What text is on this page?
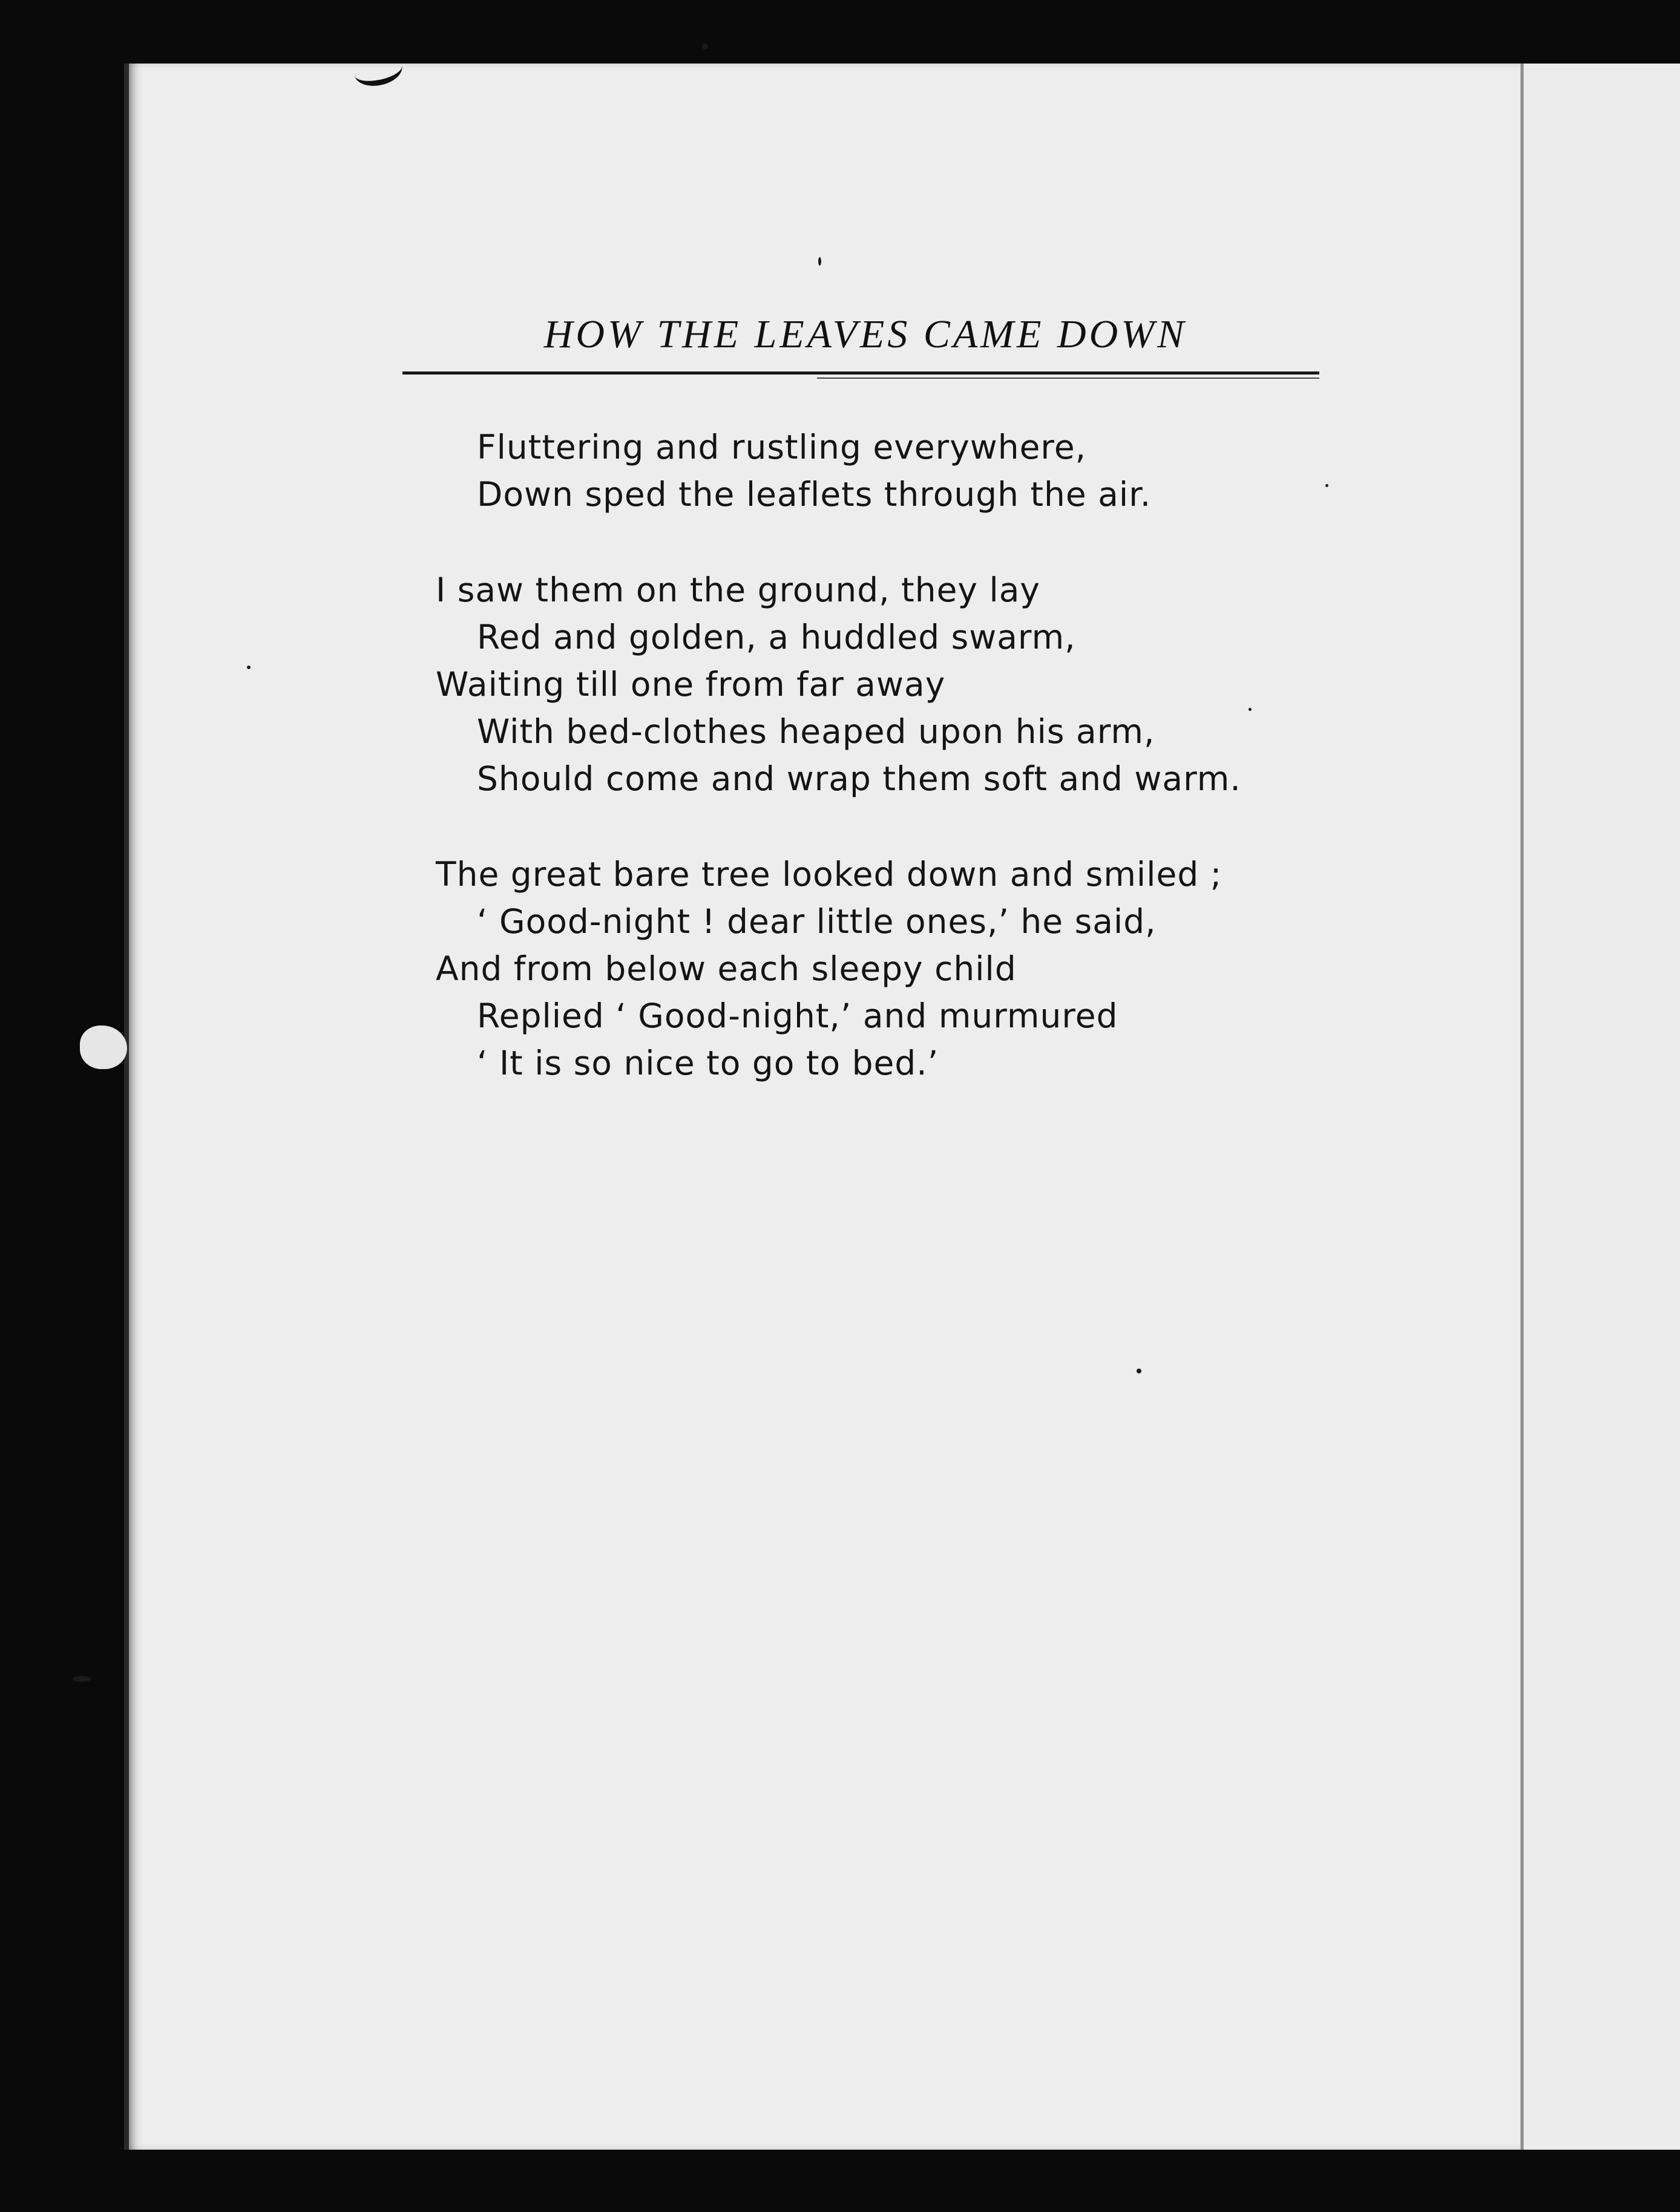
HOW THE LEAVES CAME DOWN
Fluttering and rustling everywhere,
Down sped the leaflets through the air.
I saw them on the ground, they lay
Red and golden, a huddled swarm,
Waiting till one from far away
With bed-clothes heaped upon his arm,
Should come and wrap them soft and warm.
The great bare tree looked down and smiled ;
‘ Good-night ! dear little ones,’ he said,
And from below each sleepy child
Replied ‘ Good-night,’ and murmured
‘ It is so nice to go to bed.’
